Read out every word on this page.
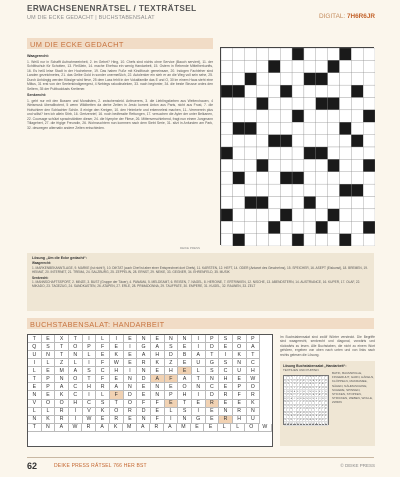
ERWACHSENENRÄTSEL / TEXTRÄTSEL
UM DIE ECKE GEDACHT | BUCHSTABENSALAT	DIGITAL: 7H6R6JR
UM DIE ECKE GEDACHT
Waagerecht:

1. Weiß nur in Schafft Aufnahmeeinheit, 2. im Gebet? Hing, 10. Chefs sind nichts ohne Service (Bauch serviert), 11. der Schlittschuh für Schotten, 13. Fleißlein, 14. mache Ehefrau ein wenig Handarbeit, 15. Ostern in Rebende Mittelherkunfts, 16. Es heiß leise Stadt in der Hochebene, 19. Das haben Fuße mit Kindlfosch gemeinsam, 20. Indogen Fachleher sind Landen gezeichnetes, 21. das Gelbe Gold in sonder unermeßlich, 22. Autolenker ein sieh er an die Weg voll sein sehe, 25. Durch Anhängig werden flüssige wird fieve, 25 dem Lass fehlt in der Vokalfamilie das E und O, 30 im einem Haus steht eine Miltus, 31 erst von der Seelenkindigeregest, 4 Neblegs rakodinaleken, 33. nach beginnter, 34. die beste Strusse ordes den Seltern, 35 der Pultbuddusts Kreitener.

Senkrecht:

1. geht nur mit den Bussen und Moralisten, 2. zwischensleid. Anfeuerers, 3. die Lieblingsfarben aus Weiterchauen, 4 Weismusk überallbotent, 5 wenn Wildbetten da derbe Zeiten in Jesto kommt Anton aus Paris, nicht aus Frust, 7. die Hofschleer den Schlachter Schön. 8 einige den Kreigen, 10. den Heimkehr und erkennelest machen, 11...Verenerein plus und willst? ben ich allein Stirb, 16. Gertzenrief, 16. noch bedfessite Rettungen, 17. versuchen die Ayter der unter Belkanen, 22. Coursage schützt sprachstärkten dieser, 24. die Nymphe der Fliese, 26. Mittenverschiebend, fragt nun einem Jungmann Tillagehert, 27. die frigige Freundin, 26. Wohnzuchtem nun kommen nach dem Siebt Serie, 31. sitzt in Anfunden am Park, 32. deswegen alternativ andere Zeiten entschieden.

DEIKE PRESS
Lösung „Um die Ecke gedacht“:
Waagerecht:
1. MARKENBEKANNTLAGE, 9. MARKE (Ist nicht?), 10. DIKTAT (auch Chef ist aber einer Entsprechnet dort Chefs), 11. KARSTEN, 12. HEFT, 14. ODER (Antwort des Geschehns), 15. SPEICHER, 16. ASEPT (Eiskunst), 18. BREMEN, 19. HEIMAT, 20. INTERNET, 21. TREMA, 24. SALZBURG, 25. ZEPPELIN, 28. ERNST, 29. NEIKE, 33. GEGNER, 34. EHRENFELD, 35. MUSIK
Senkrecht:
1. MANNSCHAFTSSPORT, 2. MINZE, 3. BUST (Gruppe der Täuer), 4. PANAMA, 5. MELDEAMT, 6. REISEN, 7. NAGEL, 8. HEROINE, 7. ERTRINKEN, 12. NISCHE, 13. ABENDSTERN, 14. AUSTRIANCE, 16. KUPER, 17. OLAF, 22. MIKADO, 23. TAGEZUG, 24. SANDKASTEN, 26. ATAPEN, 27. ERLE, 28. PRIMADONNA, 29. TAUFPATE, 30. EMPERE, 31. KUGEL, 32. RAUNEN, 33. ZELT
BUCHSTABENSALAT: HANDARBEIT
T	E	X	T	I	L	I	E	N	E	N	N	I	P	S	R	P
Q	S	T	O	P	F	E	I	G	A	S	E	I	D	E	O	A
U	N	T	N	L	E	K	E	A	H	D	B	A	T	I	K	T
I	L	Z	L	I	F	W	E	R	K	Z	E	U	G	S	N	C
L	E	M	A	S	C	H	I	N	E	H	E	L	S	C	U	H
T	P	N	O	T	F	E	N	D	A	F	A	T	N	H	E	W
E	P	A	C	H	R	A	N	E	N	E	O	N	C	E	P	O
N	E	K	C	I	L	F	D	E	N	P	H	I	D	R	F	R
V	O	O	H	C	S	T	O	F	F	E	T	E	R	E	E	K
L	L	R	I	V	K	O	R	D	E	L	S	I	E	N	R	N
N	K	R	I	W	E	R	E	N	F	I	N	G	E	R	H	U
T	N	A	W	R	A	K	M	A	R	A	M	E	E	L	L	O	W
Im Buchstabensalat sind zwölf Wörter versteckt. Die Begriffe sind waagerecht, senkrecht und diagonal, vorwärts und rückwärts zu lesen. Alle Buchstaben, die nicht zu einem Wort gehören, ergeben von oben nach unten und von links nach rechts gelesen die Lösung.
Lösung Buchstabensalat „Handarbeit“:
TEXTILIEN UND PUPPEN
T E X T I	L	I E N E N N I P
Q S T O P F E I G A S E I D
U N T N L E K E A H D B A T
I	L Z L	I F W E R K Z E U G
L E M A S C H I N E H E L S
T P N O T F E N D A F A T N
E P A C H R A N E N E O N C
N E K C I	L F D E N P H I D
V O O H C S T O F F E T E R
L L R I V K O R D E L S I E
N K R I W E R E N F I N G E
T N A W R A K M A R A M E E
S T R I C K E N A H E N S T
G A R N W O L L E B A T I K
BATIK, BAUMWOLLE, FINGERHUT, GARN, HÄKELN, KLÖPPELN, MAKRAMEE, NÄHEN, NÄHMASCHINE, SCHERE, SPINNEN, STICKEN, STOPFEN, STRICKEN, WEBEN, WOLLE, ZWIRN
62	DEIKE PRESS RÄTSEL 766 HER BST	© DEIKE PRESS
